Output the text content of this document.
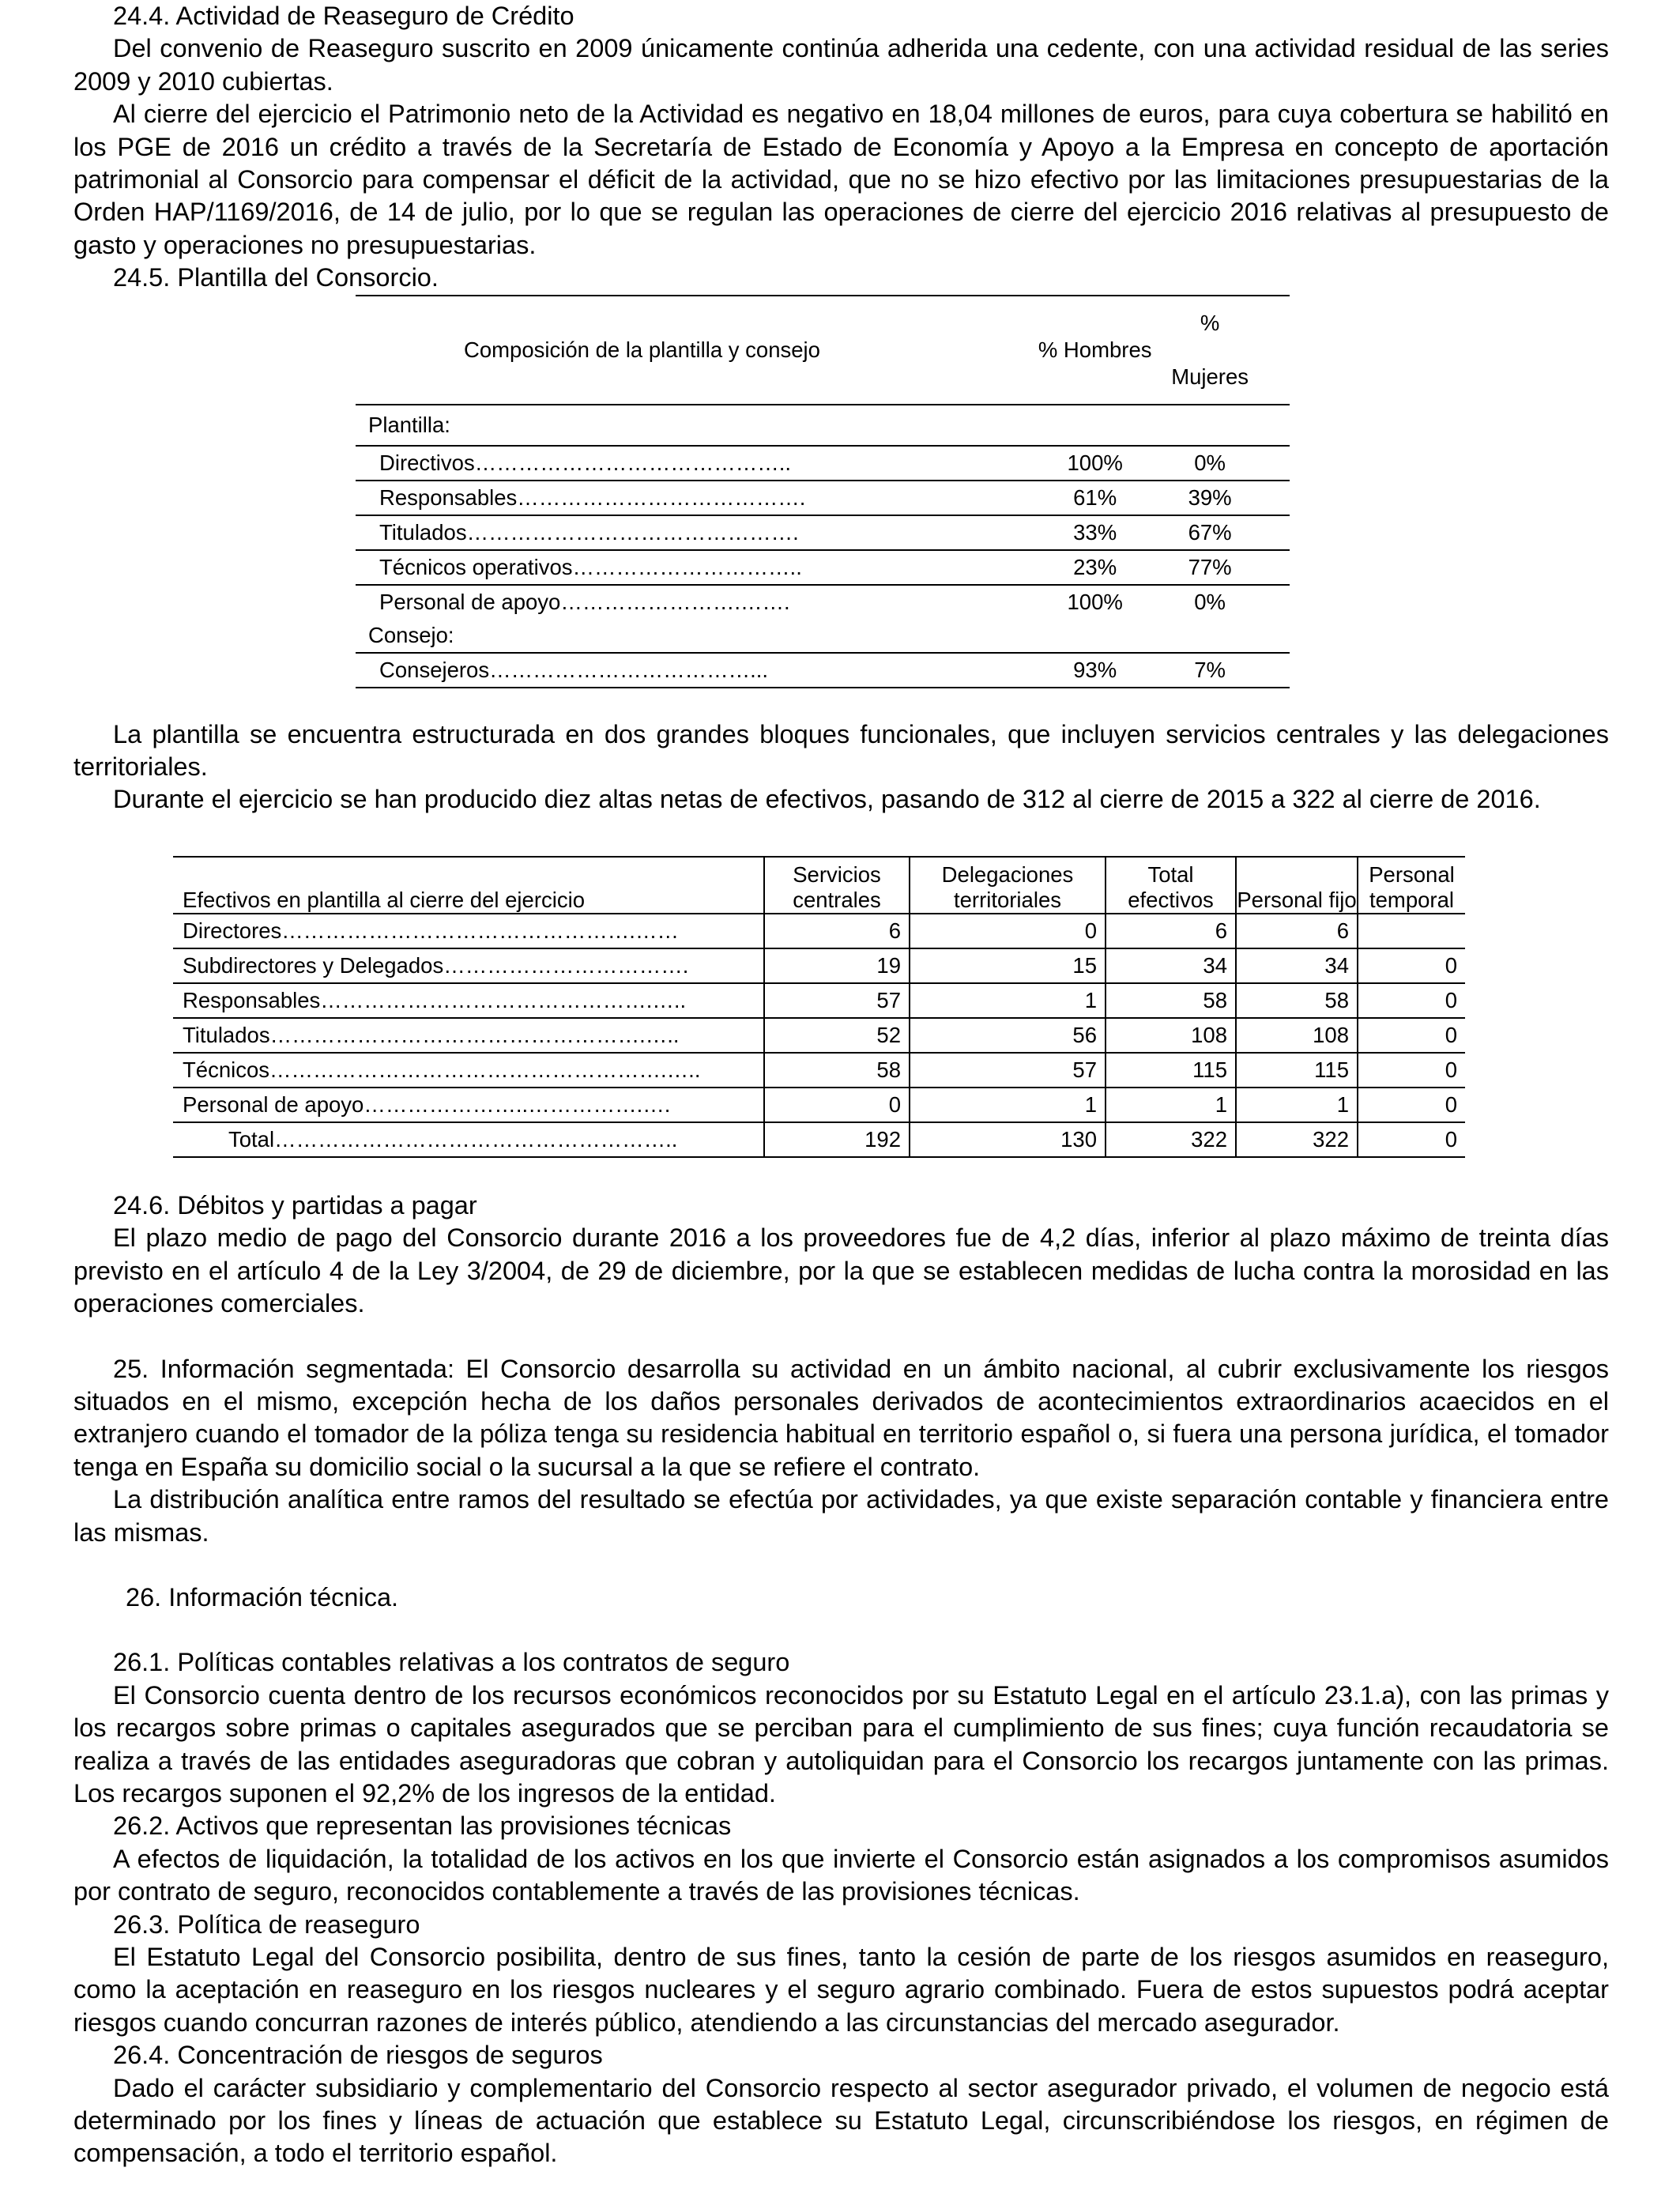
24.4. Actividad de Reaseguro de Crédito

Del convenio de Reaseguro suscrito en 2009 únicamente continúa adherida una cedente, con una actividad residual de las series 2009 y 2010 cubiertas.

Al cierre del ejercicio el Patrimonio neto de la Actividad es negativo en 18,04 millones de euros, para cuya cobertura se habilitó en los PGE de 2016 un crédito a través de la Secretaría de Estado de Economía y Apoyo a la Empresa en concepto de aportación patrimonial al Consorcio para compensar el déficit de la actividad, que no se hizo efectivo por las limitaciones presupuestarias de la Orden HAP/1169/2016, de 14 de julio, por lo que se regulan las operaciones de cierre del ejercicio 2016 relativas al presupuesto de gasto y operaciones no presupuestarias.

24.5. Plantilla del Consorcio.
Composición de la plantilla y consejo	% Hombres	% Mujeres
Plantilla:		
Directivos……………………………………..	100%	0%
Responsables………………………………….	61%	39%
Titulados……………………………………….	33%	67%
Técnicos operativos…………………………..	23%	77%
Personal de apoyo…………………….…….	100%	0%
Consejo:		
Consejeros………………………………...	93%	7%

La plantilla se encuentra estructurada en dos grandes bloques funcionales, que incluyen servicios centrales y las delegaciones territoriales.

Durante el ejercicio se han producido diez altas netas de efectivos, pasando de 312 al cierre de 2015 a 322 al cierre de 2016.

Efectivos en plantilla al cierre del ejercicio	Servicios centrales	Delegaciones territoriales	Total efectivos	Personal fijo	Personal temporal
Directores………………………………………….……	6	0	6	6	
Subdirectores y Delegados…………………………….	19	15	34	34	0
Responsables……………………………………….…..	57	1	58	58	0
Titulados…………………………………………….…..	52	56	108	108	0
Técnicos……………………………………………….…..	58	57	115	115	0
Personal de apoyo…………………..…………….….	0	1	1	1	0
Total………………………………………………..	192	130	322	322	0
24.6. Débitos y partidas a pagar

El plazo medio de pago del Consorcio durante 2016 a los proveedores fue de 4,2 días, inferior al plazo máximo de treinta días previsto en el artículo 4 de la Ley 3/2004, de 29 de diciembre, por la que se establecen medidas de lucha contra la morosidad en las operaciones comerciales.

25. Información segmentada: El Consorcio desarrolla su actividad en un ámbito nacional, al cubrir exclusivamente los riesgos situados en el mismo, excepción hecha de los daños personales derivados de acontecimientos extraordinarios acaecidos en el extranjero cuando el tomador de la póliza tenga su residencia habitual en territorio español o, si fuera una persona jurídica, el tomador tenga en España su domicilio social o la sucursal a la que se refiere el contrato.

La distribución analítica entre ramos del resultado se efectúa por actividades, ya que existe separación contable y financiera entre las mismas.

26. Información técnica.
26.1. Políticas contables relativas a los contratos de seguro

El Consorcio cuenta dentro de los recursos económicos reconocidos por su Estatuto Legal en el artículo 23.1.a), con las primas y los recargos sobre primas o capitales asegurados que se perciban para el cumplimiento de sus fines; cuya función recaudatoria se realiza a través de las entidades aseguradoras que cobran y autoliquidan para el Consorcio los recargos juntamente con las primas. Los recargos suponen el 92,2% de los ingresos de la entidad.

26.2. Activos que representan las provisiones técnicas

A efectos de liquidación, la totalidad de los activos en los que invierte el Consorcio están asignados a los compromisos asumidos por contrato de seguro, reconocidos contablemente a través de las provisiones técnicas.

26.3. Política de reaseguro

El Estatuto Legal del Consorcio posibilita, dentro de sus fines, tanto la cesión de parte de los riesgos asumidos en reaseguro, como la aceptación en reaseguro en los riesgos nucleares y el seguro agrario combinado. Fuera de estos supuestos podrá aceptar riesgos cuando concurran razones de interés público, atendiendo a las circunstancias del mercado asegurador.

26.4. Concentración de riesgos de seguros

Dado el carácter subsidiario y complementario del Consorcio respecto al sector asegurador privado, el volumen de negocio está determinado por los fines y líneas de actuación que establece su Estatuto Legal, circunscribiéndose los riesgos, en régimen de compensación, a todo el territorio español.
